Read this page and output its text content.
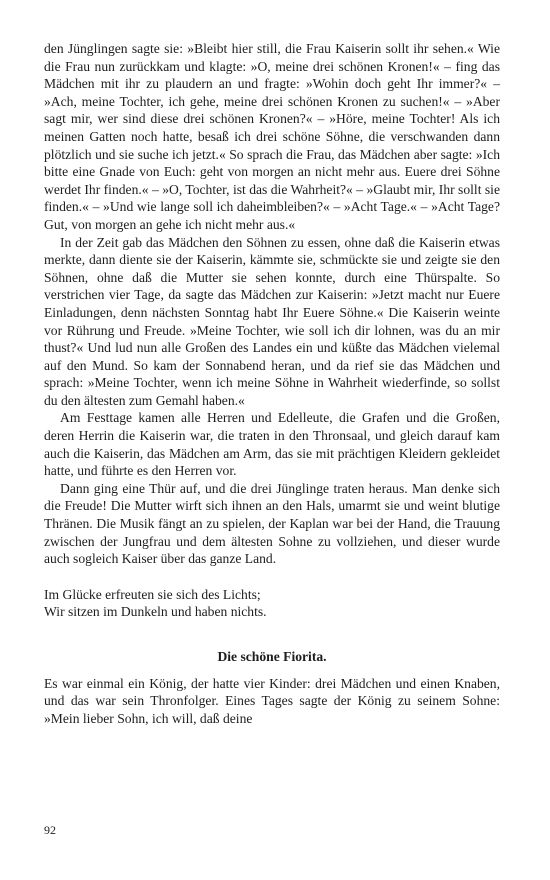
den Jünglingen sagte sie: »Bleibt hier still, die Frau Kaiserin sollt ihr sehen.« Wie die Frau nun zurückkam und klagte: »O, meine drei schönen Kronen!« – fing das Mädchen mit ihr zu plaudern an und fragte: »Wohin doch geht Ihr immer?« – »Ach, meine Tochter, ich gehe, meine drei schönen Kronen zu suchen!« – »Aber sagt mir, wer sind diese drei schönen Kronen?« – »Höre, meine Tochter! Als ich meinen Gatten noch hatte, besaß ich drei schöne Söhne, die verschwanden dann plötzlich und sie suche ich jetzt.« So sprach die Frau, das Mädchen aber sagte: »Ich bitte eine Gnade von Euch: geht von morgen an nicht mehr aus. Euere drei Söhne werdet Ihr finden.« – »O, Tochter, ist das die Wahrheit?« – »Glaubt mir, Ihr sollt sie finden.« – »Und wie lange soll ich daheimbleiben?« – »Acht Tage.« – »Acht Tage? Gut, von morgen an gehe ich nicht mehr aus.«

In der Zeit gab das Mädchen den Söhnen zu essen, ohne daß die Kaiserin etwas merkte, dann diente sie der Kaiserin, kämmte sie, schmückte sie und zeigte sie den Söhnen, ohne daß die Mutter sie sehen konnte, durch eine Thürspalte. So verstrichen vier Tage, da sagte das Mädchen zur Kaiserin: »Jetzt macht nur Euere Einladungen, denn nächsten Sonntag habt Ihr Euere Söhne.« Die Kaiserin weinte vor Rührung und Freude. »Meine Tochter, wie soll ich dir lohnen, was du an mir thust?« Und lud nun alle Großen des Landes ein und küßte das Mädchen vielemal auf den Mund. So kam der Sonnabend heran, und da rief sie das Mädchen und sprach: »Meine Tochter, wenn ich meine Söhne in Wahrheit wiederfinde, so sollst du den ältesten zum Gemahl haben.«

Am Festtage kamen alle Herren und Edelleute, die Grafen und die Großen, deren Herrin die Kaiserin war, die traten in den Thronsaal, und gleich darauf kam auch die Kaiserin, das Mädchen am Arm, das sie mit prächtigen Kleidern gekleidet hatte, und führte es den Herren vor.

Dann ging eine Thür auf, und die drei Jünglinge traten heraus. Man denke sich die Freude! Die Mutter wirft sich ihnen an den Hals, umarmt sie und weint blutige Thränen. Die Musik fängt an zu spielen, der Kaplan war bei der Hand, die Trauung zwischen der Jungfrau und dem ältesten Sohne zu vollziehen, und dieser wurde auch sogleich Kaiser über das ganze Land.

Im Glücke erfreuten sie sich des Lichts;
Wir sitzen im Dunkeln und haben nichts.
Die schöne Fiorita.

Es war einmal ein König, der hatte vier Kinder: drei Mädchen und einen Knaben, und das war sein Thronfolger. Eines Tages sagte der König zu seinem Sohne: »Mein lieber Sohn, ich will, daß deine

92
